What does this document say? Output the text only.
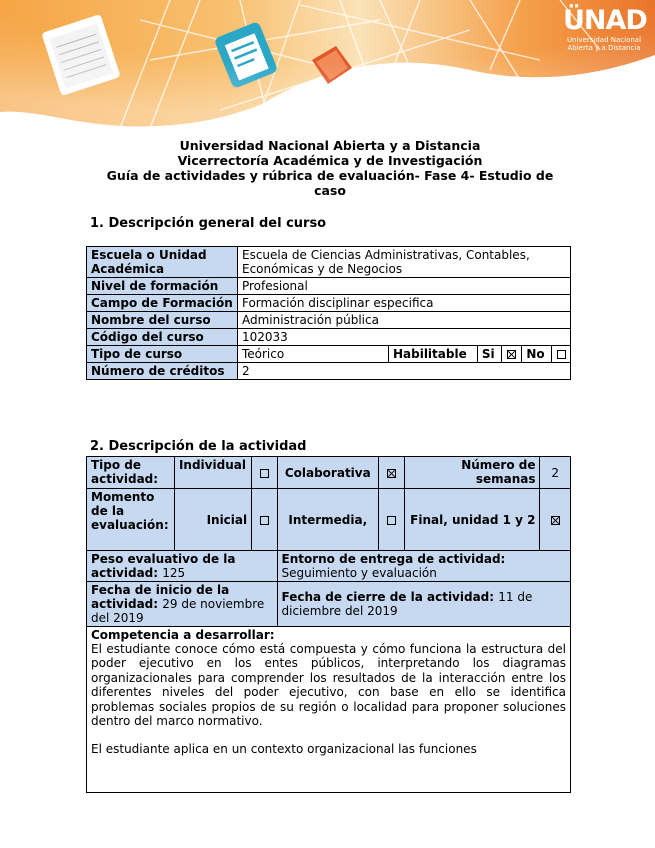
ÜNAD
Universidad Nacional
Abierta y a Distancia
Universidad Nacional Abierta y a Distancia
Vicerrectoría Académica y de Investigación
Guía de actividades y rúbrica de evaluación- Fase 4- Estudio de
caso
1. Descripción general del curso
Escuela o Unidad Académica	Escuela de Ciencias Administrativas, Contables, Económicas y de Negocios					
Nivel de formación	Profesional					
Campo de Formación	Formación disciplinar especifica					
Nombre del curso	Administración pública					
Código del curso	102033					
Tipo de curso	Teórico	Habilitable	Si		No	
Número de créditos	2					
2. Descripción de la actividad
Tipo de actividad:	Individual		Colaborativa		Número de semanas	2
Momento de la evaluación:	Inicial		Intermedia,		Final, unidad 1 y 2	
Peso evaluativo de la actividad: 125			Entorno de entrega de actividad:
Seguimiento y evaluación			

Fecha de inicio de la actividad: 29 de noviembre del 2019			Fecha de cierre de la actividad: 11 de diciembre del 2019			

Competencia a desarrollar:

El estudiante conoce cómo está compuesta y cómo funciona la estructura del poder ejecutivo en los entes públicos, interpretando los diagramas organizacionales para comprender los resultados de la interacción entre los diferentes niveles del poder ejecutivo, con base en ello se identifica problemas sociales propios de su región o localidad para proponer soluciones dentro del marco normativo.

El estudiante aplica en un contexto organizacional las funciones						
